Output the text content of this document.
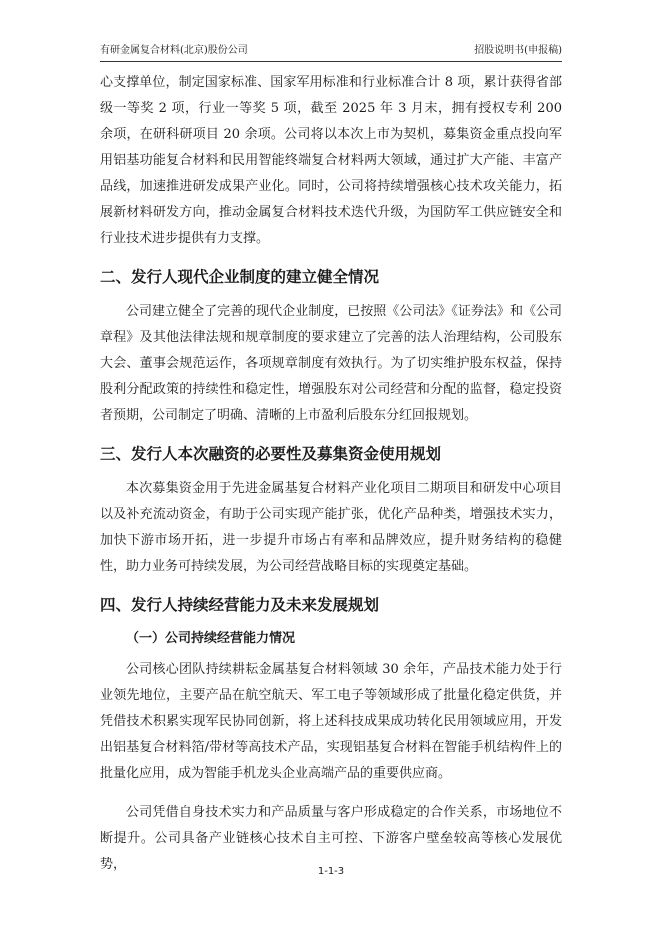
有研金属复合材料(北京)股份公司	招股说明书(申报稿)

心支撑单位，制定国家标准、国家军用标准和行业标准合计 8 项，累计获得省部级一等奖 2 项，行业一等奖 5 项，截至 2025 年 3 月末，拥有授权专利 200 余项，在研科研项目 20 余项。公司将以本次上市为契机，募集资金重点投向军用铝基功能复合材料和民用智能终端复合材料两大领域，通过扩大产能、丰富产品线，加速推进研发成果产业化。同时，公司将持续增强核心技术攻关能力，拓展新材料研发方向，推动金属复合材料技术迭代升级，为国防军工供应链安全和行业技术进步提供有力支撑。

二、发行人现代企业制度的建立健全情况

公司建立健全了完善的现代企业制度，已按照《公司法》《证券法》和《公司章程》及其他法律法规和规章制度的要求建立了完善的法人治理结构，公司股东大会、董事会规范运作，各项规章制度有效执行。为了切实维护股东权益，保持股利分配政策的持续性和稳定性，增强股东对公司经营和分配的监督，稳定投资者预期，公司制定了明确、清晰的上市盈利后股东分红回报规划。

三、发行人本次融资的必要性及募集资金使用规划

本次募集资金用于先进金属基复合材料产业化项目二期项目和研发中心项目以及补充流动资金，有助于公司实现产能扩张，优化产品种类，增强技术实力，加快下游市场开拓，进一步提升市场占有率和品牌效应，提升财务结构的稳健性，助力业务可持续发展，为公司经营战略目标的实现奠定基础。

四、发行人持续经营能力及未来发展规划
（一）公司持续经营能力情况

公司核心团队持续耕耘金属基复合材料领域 30 余年，产品技术能力处于行业领先地位，主要产品在航空航天、军工电子等领域形成了批量化稳定供货，并凭借技术积累实现军民协同创新，将上述科技成果成功转化民用领域应用，开发出铝基复合材料箔/带材等高技术产品，实现铝基复合材料在智能手机结构件上的批量化应用，成为智能手机龙头企业高端产品的重要供应商。

公司凭借自身技术实力和产品质量与客户形成稳定的合作关系，市场地位不断提升。公司具备产业链核心技术自主可控、下游客户壁垒较高等核心发展优势，	1-1-3
